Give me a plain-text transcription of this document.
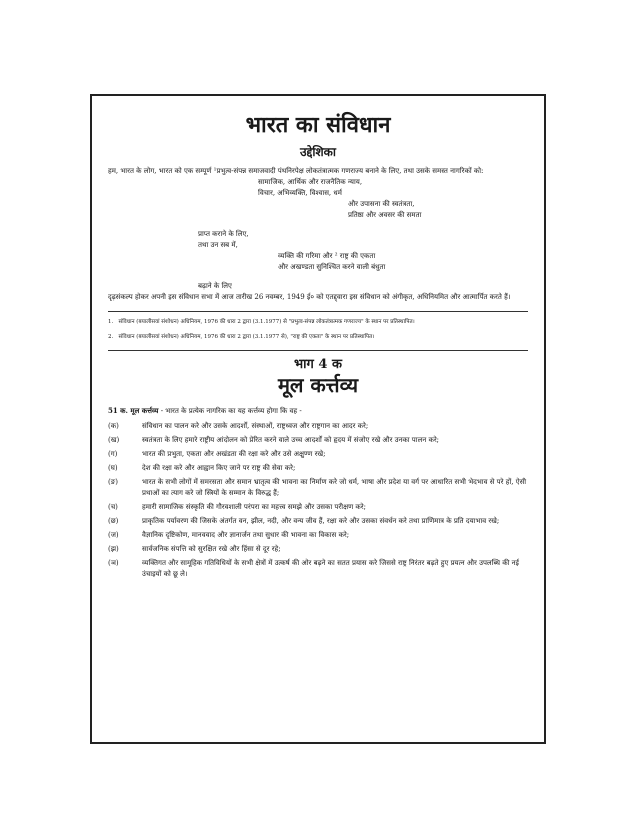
भारत का संविधान
उद्देशिका

हम, भारत के लोग, भारत को एक सम्पूर्ण ¹प्रभुत्व-संपन्न समाजवादी पंथनिरपेक्ष लोकतंत्रात्मक गणराज्य बनाने के लिए, तथा उसके समस्त नागरिकों को:

सामाजिक, आर्थिक और राजनैतिक न्याय,

विचार, अभिव्यक्ति, विश्वास, धर्म

और उपासना की स्वतंत्रता,

प्रतिष्ठा और अवसर की समता

प्राप्त कराने के लिए,

तथा उन सब में,

व्यक्ति की गरिमा और ² राष्ट्र की एकता

और अखण्डता सुनिश्चित करने वाली बंधुता

बढ़ाने के लिए

दृढ़संकल्प होकर अपनी इस संविधान सभा में आज तारीख 26 नवम्बर, 1949 ई० को एतद्द्वारा इस संविधान को अंगीकृत, अधिनियमित और आत्मार्पित करते हैं।

1. संविधान (बयालीसवां संशोधन) अधिनियम, 1976 की धारा 2 द्वारा (3.1.1977) से "प्रभुत्व-संपन्न लोकतंत्रात्मक गणराज्य" के स्थान पर प्रतिस्थापित।
2. संविधान (बयालीसवां संशोधन) अधिनियम, 1976 की धारा 2 द्वारा (3.1.1977 से), "राष्ट्र की एकता" के स्थान पर प्रतिस्थापित।
भाग 4 क
मूल कर्त्तव्य

51 क. मूल कर्त्तव्य - भारत के प्रत्येक नागरिक का यह कर्त्तव्य होगा कि वह -

(क)	संविधान का पालन करे और उसके आदर्शों, संस्थाओं, राष्ट्रध्वज और राष्ट्रगान का आदर करे;
(ख)	स्वतंत्रता के लिए हमारे राष्ट्रीय आंदोलन को प्रेरित करने वाले उच्च आदर्शों को हृदय में संजोए रखे और उनका पालन करे;
(ग)	भारत की प्रभुता, एकता और अखंडता की रक्षा करे और उसे अक्षुण्ण रखे;
(घ)	देश की रक्षा करे और आह्वान किए जाने पर राष्ट्र की सेवा करे;
(ङ)	भारत के सभी लोगों में समरसता और समान भ्रातृत्व की भावना का निर्माण करे जो धर्म, भाषा और प्रदेश या वर्ग पर आधारित सभी भेदभाव से परे हों, ऐसी प्रथाओं का त्याग करे जो स्त्रियों के सम्मान के विरुद्ध हैं;
(च)	हमारी सामाजिक संस्कृति की गौरवशाली परंपरा का महत्त्व समझे और उसका परीक्षण करे;
(छ)	प्राकृतिक पर्यावरण की जिसके अंतर्गत वन, झील, नदी, और वन्य जीव हैं, रक्षा करे और उसका संवर्धन करे तथा प्राणिमात्र के प्रति दयाभाव रखे;
(ज)	वैज्ञानिक दृष्टिकोण, मानववाद और ज्ञानार्जन तथा सुधार की भावना का विकास करे;
(झ)	सार्वजनिक संपत्ति को सुरक्षित रखे और हिंसा से दूर रहे;
(ञ)	व्यक्तिगत और सामूहिक गतिविधियों के सभी क्षेत्रों में उत्कर्ष की ओर बढ़ने का सतत प्रयास करे जिससे राष्ट्र निरंतर बढ़ते हुए प्रयत्न और उपलब्धि की नई उंचाइयों को छू ले।
